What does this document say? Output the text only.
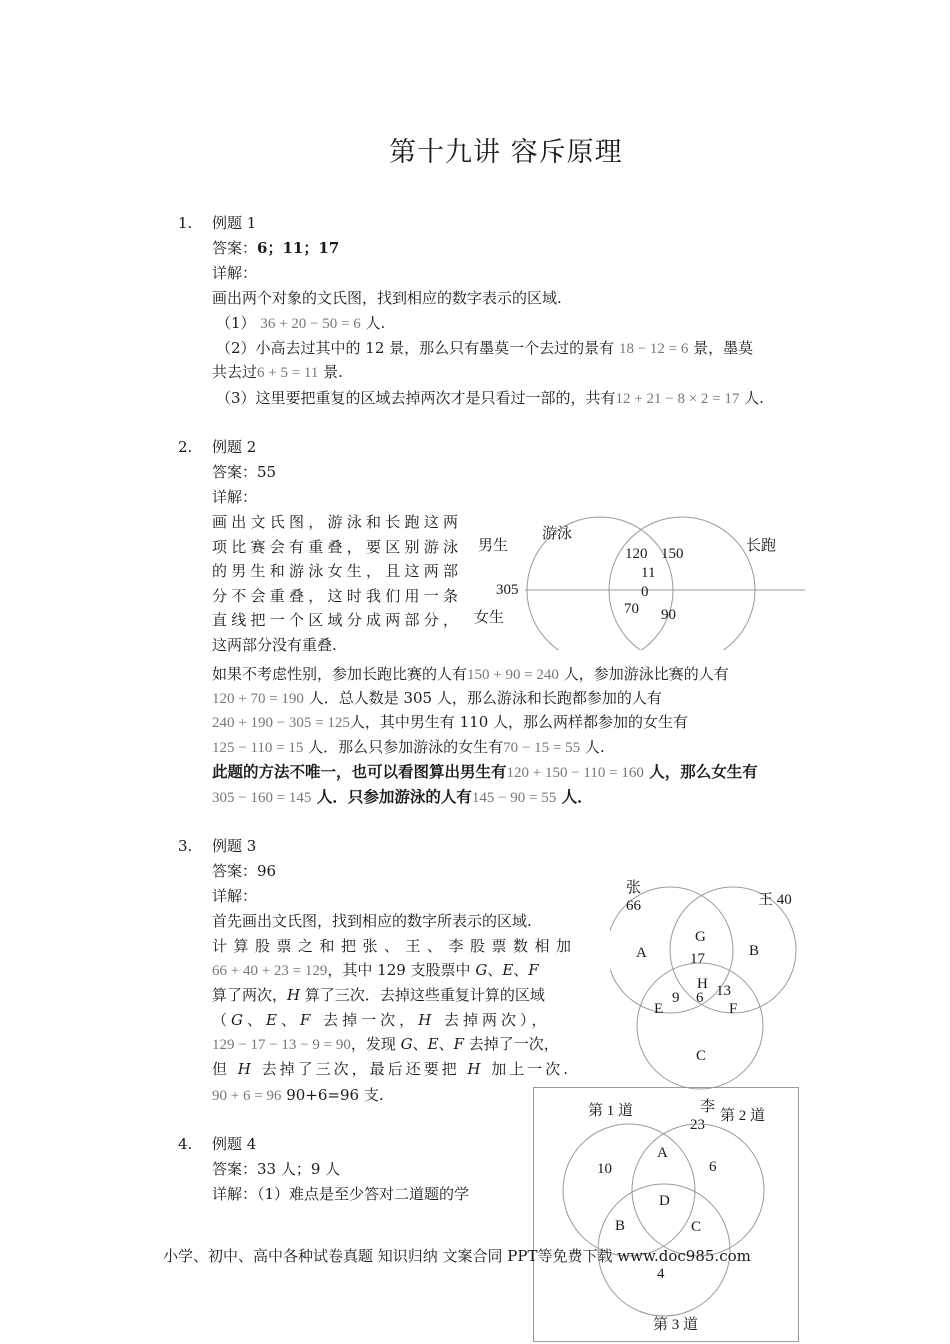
第十九讲 容斥原理
1. 例题 1
答案：6；11；17
详解：
画出两个对象的文氏图，找到相应的数字表示的区域.
（1） 36 + 20 − 50 = 6 人.
（2）小高去过其中的 12 景，那么只有墨莫一个去过的景有 18 − 12 = 6 景，墨莫
共去过6 + 5 = 11 景.
（3）这里要把重复的区域去掉两次才是只看过一部的，共有12 + 21 − 8 × 2 = 17 人.
2. 例题 2
答案：55
详解：
画出文氏图，游泳和长跑这两
项比赛会有重叠，要区别游泳
的男生和游泳女生，且这两部
分不会重叠，这时我们用一条
直线把一个区域分成两部分，
这两部分没有重叠.
男生
女生
游泳
长跑
305
120 150
11
0
70 90
如果不考虑性别，参加长跑比赛的人有150 + 90 = 240 人，参加游泳比赛的人有
120 + 70 = 190 人．总人数是 305 人，那么游泳和长跑都参加的人有
240 + 190 − 305 = 125人，其中男生有 110 人，那么两样都参加的女生有
125 − 110 = 15 人．那么只参加游泳的女生有70 − 15 = 55 人.
此题的方法不唯一，也可以看图算出男生有120 + 150 − 110 = 160 人，那么女生有
305 − 160 = 145 人．只参加游泳的人有145 − 90 = 55 人．
3. 例题 3
答案：96
详解：
首先画出文氏图，找到相应的数字所表示的区域.
计算股票之和把张、王、李股票数相加
66 + 40 + 23 = 129，其中 129 支股票中 G、E、F
算了两次，H 算了三次．去掉这些重复计算的区域
（G、E、F 去掉一次，H 去掉两次），
129 − 17 − 13 − 9 = 90，发现 G、E、F 去掉了一次，
但 H 去掉了三次，最后还要把 H 加上一次.
90 + 6 = 96 90+6=96 支.
张
66	王 40
A	B
G
17
H 13
9 6
E	F
C
4. 例题 4
答案：33 人；9 人
详解：（1）难点是至少答对二道题的学
李
23
第 1 道	第 2 道
10	6
A
D
B	C
4
第 3 道
小学、初中、高中各种试卷真题 知识归纳 文案合同 PPT等免费下载 www.doc985.com
